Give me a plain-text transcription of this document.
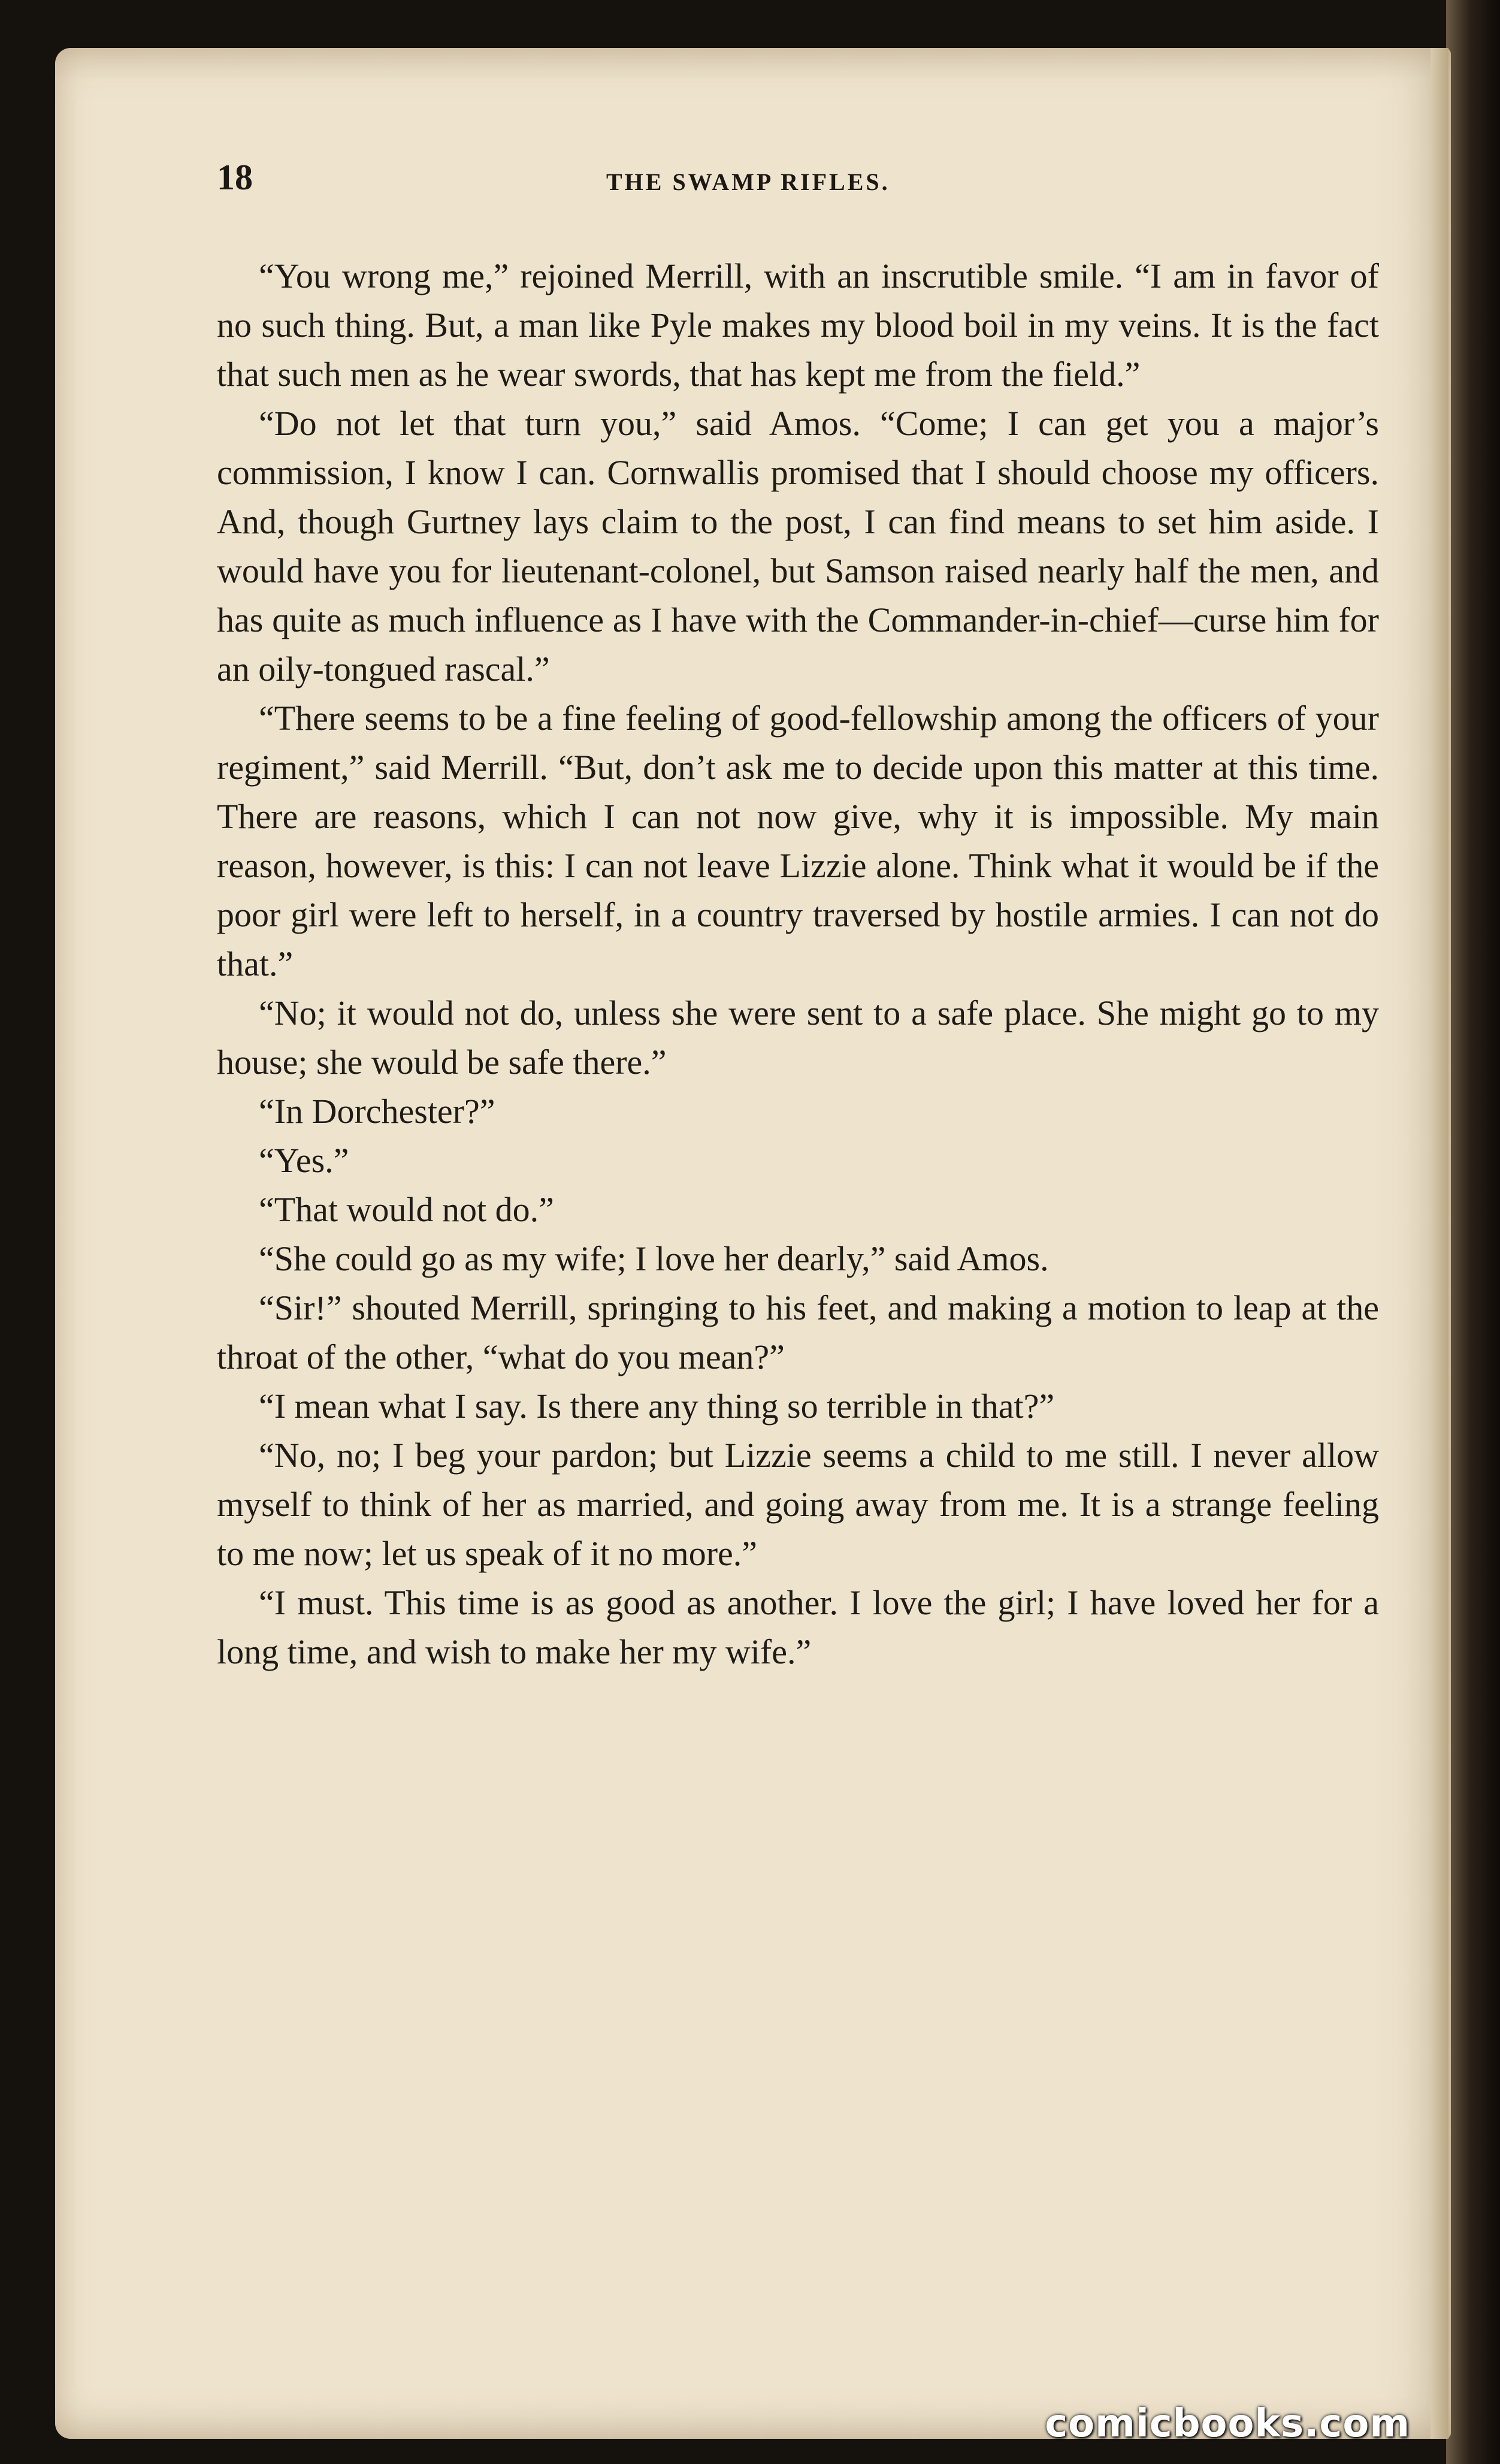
18	THE SWAMP RIFLES.

“You wrong me,” rejoined Merrill, with an inscrutible smile. “I am in favor of no such thing. But, a man like Pyle makes my blood boil in my veins. It is the fact that such men as he wear swords, that has kept me from the field.”

“Do not let that turn you,” said Amos. “Come; I can get you a major’s commission, I know I can. Cornwallis promised that I should choose my officers. And, though Gurtney lays claim to the post, I can find means to set him aside. I would have you for lieutenant-colonel, but Samson raised nearly half the men, and has quite as much influence as I have with the Commander-in-chief—curse him for an oily-tongued rascal.”

“There seems to be a fine feeling of good-fellowship among the officers of your regiment,” said Merrill. “But, don’t ask me to decide upon this matter at this time. There are reasons, which I can not now give, why it is impossible. My main reason, however, is this: I can not leave Lizzie alone. Think what it would be if the poor girl were left to herself, in a country traversed by hostile armies. I can not do that.”

“No; it would not do, unless she were sent to a safe place. She might go to my house; she would be safe there.”

“In Dorchester?”

“Yes.”

“That would not do.”

“She could go as my wife; I love her dearly,” said Amos.

“Sir!” shouted Merrill, springing to his feet, and making a motion to leap at the throat of the other, “what do you mean?”

“I mean what I say. Is there any thing so terrible in that?”

“No, no; I beg your pardon; but Lizzie seems a child to me still. I never allow myself to think of her as married, and going away from me. It is a strange feeling to me now; let us speak of it no more.”

“I must. This time is as good as another. I love the girl; I have loved her for a long time, and wish to make her my wife.”

comicbooks.com
